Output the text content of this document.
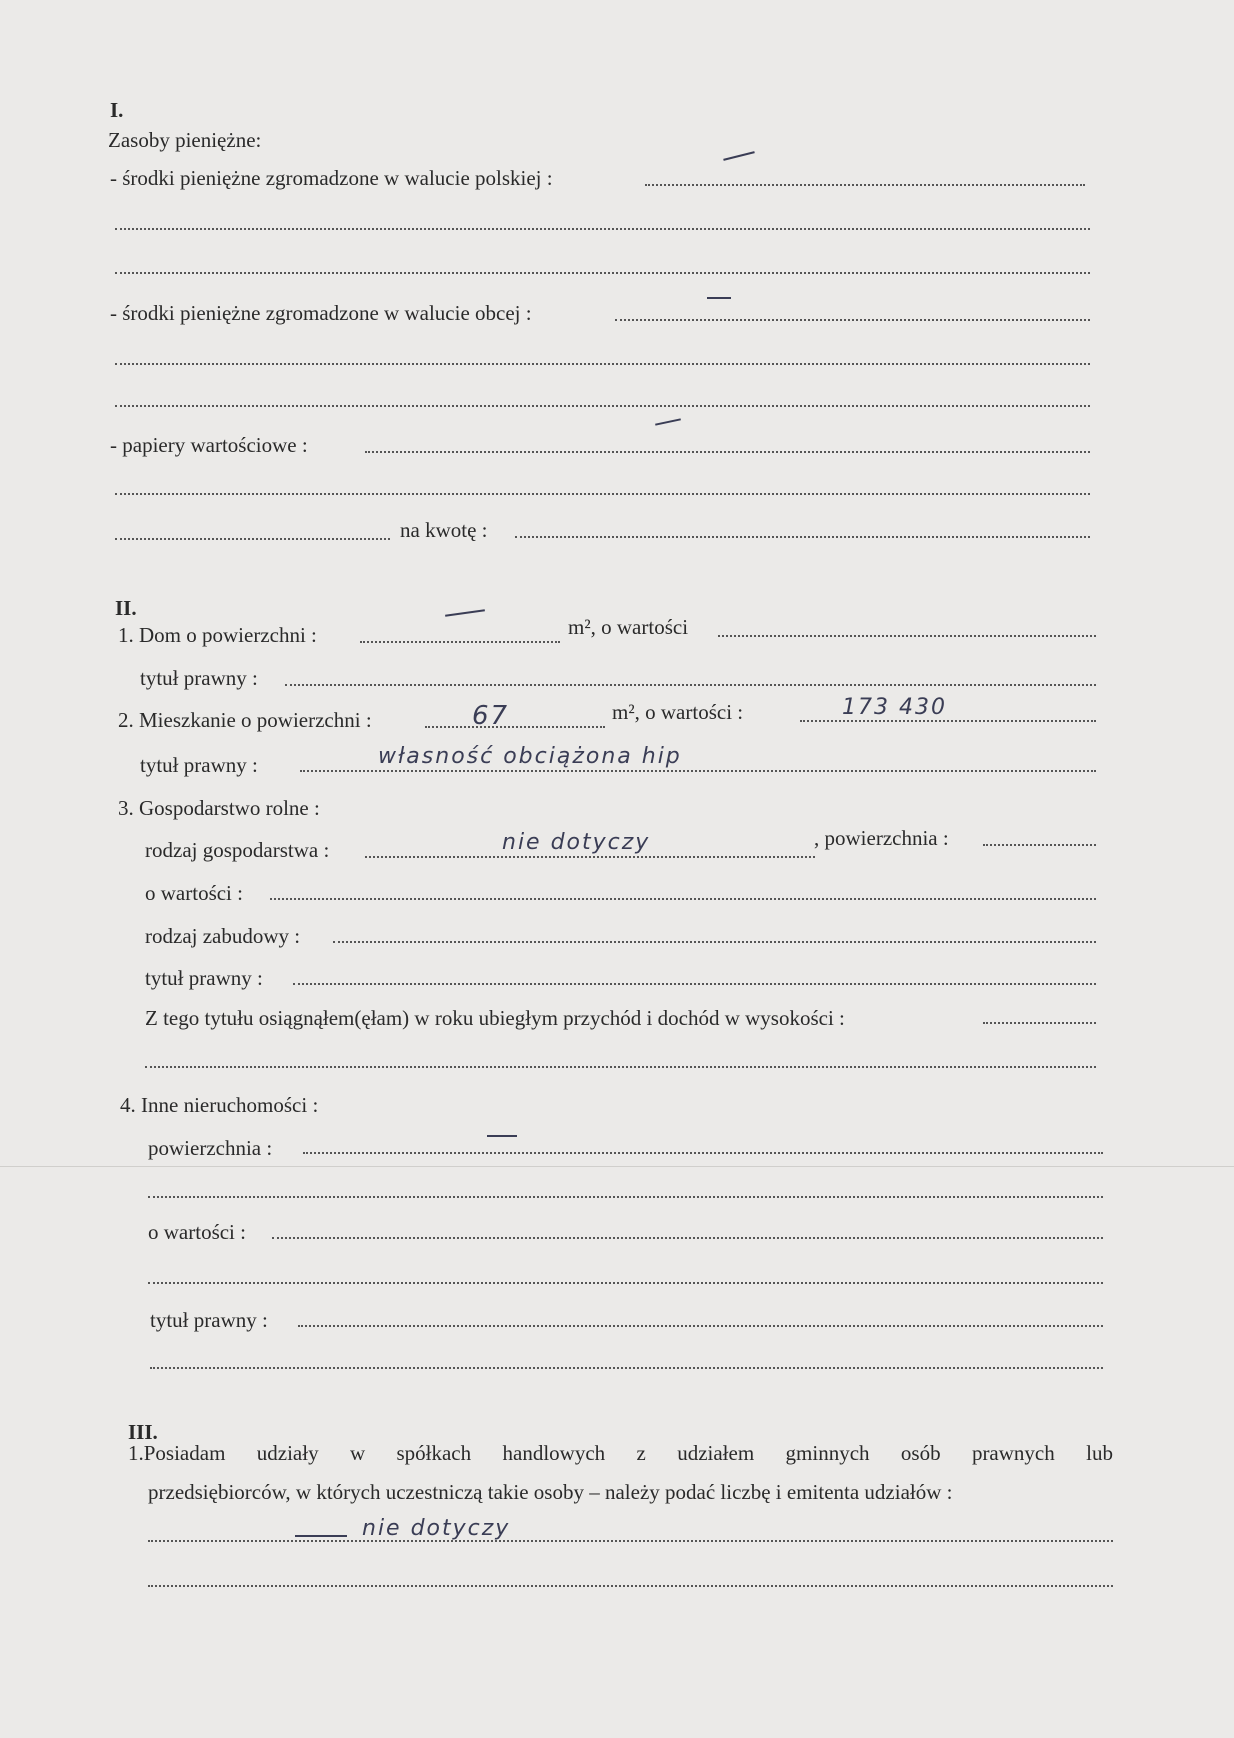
I.
Zasoby pieniężne:
- środki pieniężne zgromadzone w walucie polskiej :
- środki pieniężne zgromadzone w walucie obcej :
- papiery wartościowe :
na kwotę :
II.
1. Dom o powierzchni :	m², o wartości
tytuł prawny :
2. Mieszkanie o powierzchni :	67	m², o wartości :	173 430
tytuł prawny :	własność obciążona hip
3. Gospodarstwo rolne :
rodzaj gospodarstwa :	nie dotyczy	, powierzchnia :
o wartości :
rodzaj zabudowy :
tytuł prawny :
Z tego tytułu osiągnąłem(ęłam) w roku ubiegłym przychód i dochód w wysokości :
4. Inne nieruchomości :
powierzchnia :
o wartości :
tytuł prawny :
III.
1.Posiadam udziały w spółkach handlowych z udziałem gminnych osób prawnych lub
przedsiębiorców, w których uczestniczą takie osoby – należy podać liczbę i emitenta udziałów :
nie dotyczy
